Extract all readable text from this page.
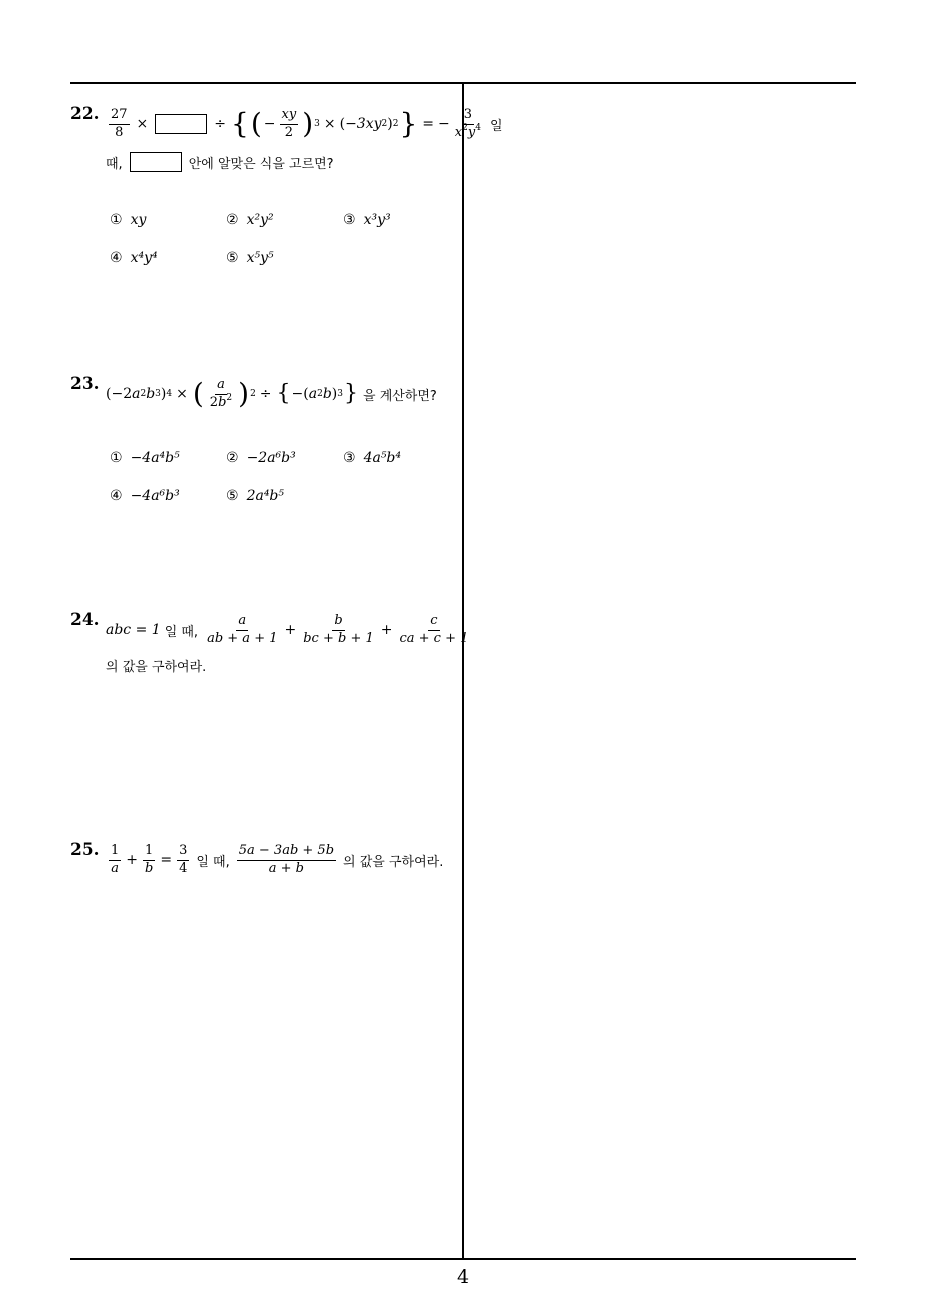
4
22. $\frac{27}{8}$ ×	÷ { ( − $\frac{xy}{2}$ ) 3 × ( −3xy 2 ) 2 } = − $\frac{3}{x^2y^4}$ 일
때,	안에 알맞은 식을 고르면?
① xy	② x²y²	③ x³y³
④ x⁴y⁴	⑤ x⁵y⁵
23. (−2 a 2 b 3 ) 4 × ( $\frac{a}{2b^2}$ ) 2 ÷ { −( a 2 b ) 3 } 을 계산하면?
① −4a⁴b⁵	② −2a⁶b³	③ 4a⁵b⁴
④ −4a⁶b³	⑤ 2a⁴b⁵
24. abc = 1 일 때, $\frac{a}{ab + a + 1} + \frac{b}{bc + b + 1} + \frac{c}{ca + c + 1}$
의 값을 구하여라.
25. $\frac{1}{a} + \frac{1}{b} = \frac{3}{4}$ 일 때, $\frac{5a - 3ab + 5b}{a + b}$ 의 값을 구하여라.
